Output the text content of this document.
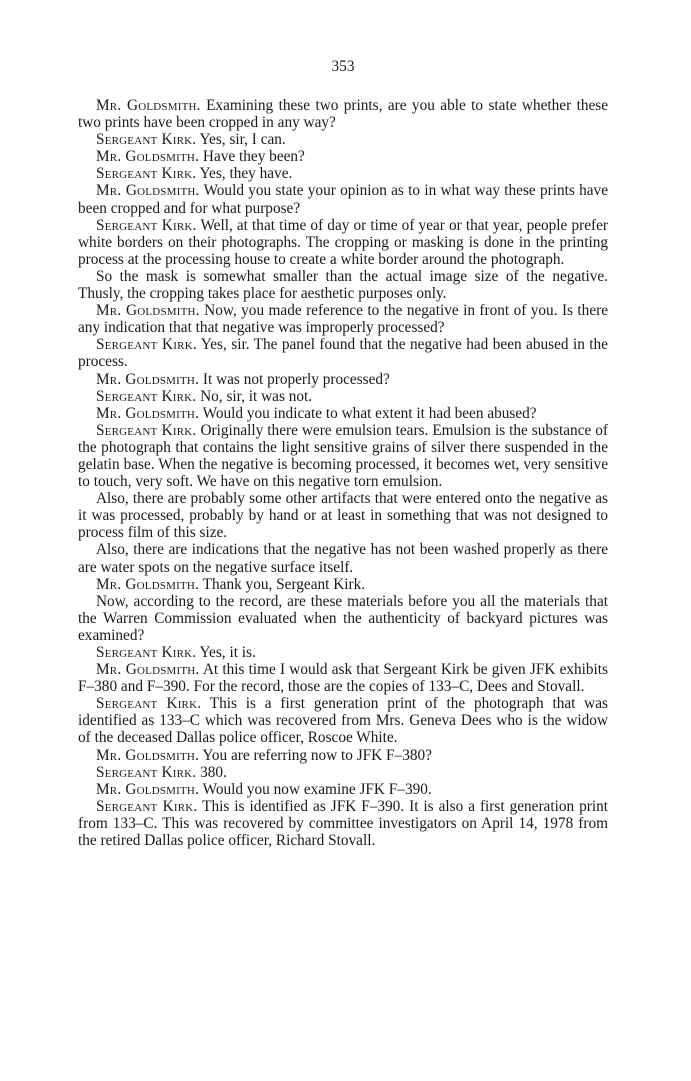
353

Mr. Goldsmith. Examining these two prints, are you able to state whether these two prints have been cropped in any way?

Sergeant Kirk. Yes, sir, I can.

Mr. Goldsmith. Have they been?

Sergeant Kirk. Yes, they have.

Mr. Goldsmith. Would you state your opinion as to in what way these prints have been cropped and for what purpose?

Sergeant Kirk. Well, at that time of day or time of year or that year, people prefer white borders on their photographs. The cropping or masking is done in the printing process at the processing house to create a white border around the photograph.

So the mask is somewhat smaller than the actual image size of the negative. Thusly, the cropping takes place for aesthetic purposes only.

Mr. Goldsmith. Now, you made reference to the negative in front of you. Is there any indication that that negative was improperly processed?

Sergeant Kirk. Yes, sir. The panel found that the negative had been abused in the process.

Mr. Goldsmith. It was not properly processed?

Sergeant Kirk. No, sir, it was not.

Mr. Goldsmith. Would you indicate to what extent it had been abused?

Sergeant Kirk. Originally there were emulsion tears. Emulsion is the substance of the photograph that contains the light sensitive grains of silver there suspended in the gelatin base. When the negative is becoming processed, it becomes wet, very sensitive to touch, very soft. We have on this negative torn emulsion.

Also, there are probably some other artifacts that were entered onto the negative as it was processed, probably by hand or at least in something that was not designed to process film of this size.

Also, there are indications that the negative has not been washed properly as there are water spots on the negative surface itself.

Mr. Goldsmith. Thank you, Sergeant Kirk.

Now, according to the record, are these materials before you all the materials that the Warren Commission evaluated when the authenticity of backyard pictures was examined?

Sergeant Kirk. Yes, it is.

Mr. Goldsmith. At this time I would ask that Sergeant Kirk be given JFK exhibits F–380 and F–390. For the record, those are the copies of 133–C, Dees and Stovall.

Sergeant Kirk. This is a first generation print of the photograph that was identified as 133–C which was recovered from Mrs. Geneva Dees who is the widow of the deceased Dallas police officer, Roscoe White.

Mr. Goldsmith. You are referring now to JFK F–380?

Sergeant Kirk. 380.

Mr. Goldsmith. Would you now examine JFK F–390.

Sergeant Kirk. This is identified as JFK F–390. It is also a first generation print from 133–C. This was recovered by committee investigators on April 14, 1978 from the retired Dallas police officer, Richard Stovall.
